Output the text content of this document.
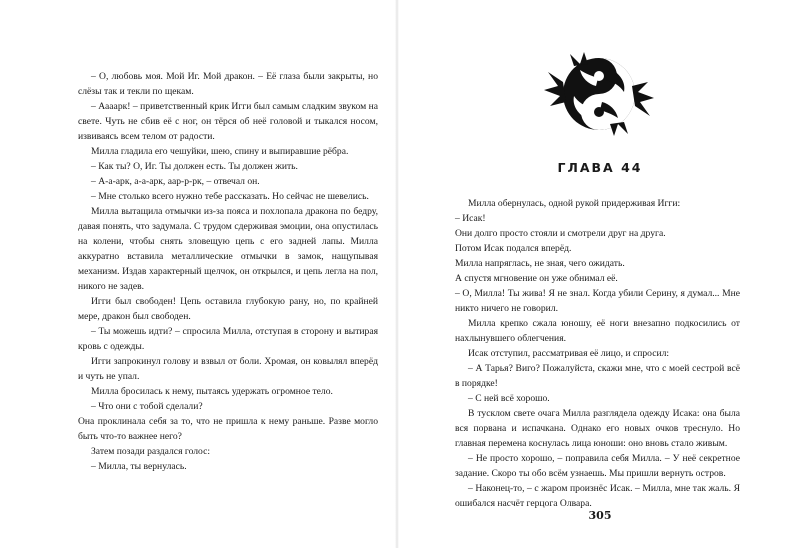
– О, любовь моя. Мой Иг. Мой дракон. – Её глаза были закрыты, но слёзы так и текли по щекам.

– Аааарк! – приветственный крик Игги был самым сладким звуком на свете. Чуть не сбив её с ног, он тёрся об неё головой и тыкался носом, извиваясь всем телом от радости.

Милла гладила его чешуйки, шею, спину и выпиравшие рёбра.

– Как ты? О, Иг. Ты должен есть. Ты должен жить.

– А-а-арк, а-а-арк, аар-р-рк, – отвечал он.

– Мне столько всего нужно тебе рассказать. Но сейчас не шевелись.

Милла вытащила отмычки из-за пояса и похлопала дракона по бедру, давая понять, что задумала. С трудом сдерживая эмоции, она опустилась на колени, чтобы снять зловещую цепь с его задней лапы. Милла аккуратно вставила металлические отмычки в замок, нащупывая механизм. Издав характерный щелчок, он открылся, и цепь легла на пол, никого не задев.

Игги был свободен! Цепь оставила глубокую рану, но, по крайней мере, дракон был свободен.

– Ты можешь идти? – спросила Милла, отступая в сторону и вытирая кровь с одежды.

Игги запрокинул голову и взвыл от боли. Хромая, он ковылял вперёд и чуть не упал.

Милла бросилась к нему, пытаясь удержать огромное тело.

– Что они с тобой сделали?

Она проклинала себя за то, что не пришла к нему раньше. Разве могло быть что-то важнее него?

Затем позади раздался голос:

– Милла, ты вернулась.

ГЛАВА 44

Милла обернулась, одной рукой придерживая Игги:

– Исак!

Они долго просто стояли и смотрели друг на друга.

Потом Исак подался вперёд.

Милла напряглась, не зная, чего ожидать.

А спустя мгновение он уже обнимал её.

– О, Милла! Ты жива! Я не знал. Когда убили Серину, я думал... Мне никто ничего не говорил.

Милла крепко сжала юношу, её ноги внезапно подкосились от нахлынувшего облегчения.

Исак отступил, рассматривая её лицо, и спросил:

– А Тарья? Виго? Пожалуйста, скажи мне, что с моей сестрой всё в порядке!

– С ней всё хорошо.

В тусклом свете очага Милла разглядела одежду Исака: она была вся порвана и испачкана. Однако его новых очков треснуло. Но главная перемена коснулась лица юноши: оно вновь стало живым.

– Не просто хорошо, – поправила себя Милла. – У неё секретное задание. Скоро ты обо всём узнаешь. Мы пришли вернуть остров.

– Наконец-то, – с жаром произнёс Исак. – Милла, мне так жаль. Я ошибался насчёт герцога Олвара.

305
